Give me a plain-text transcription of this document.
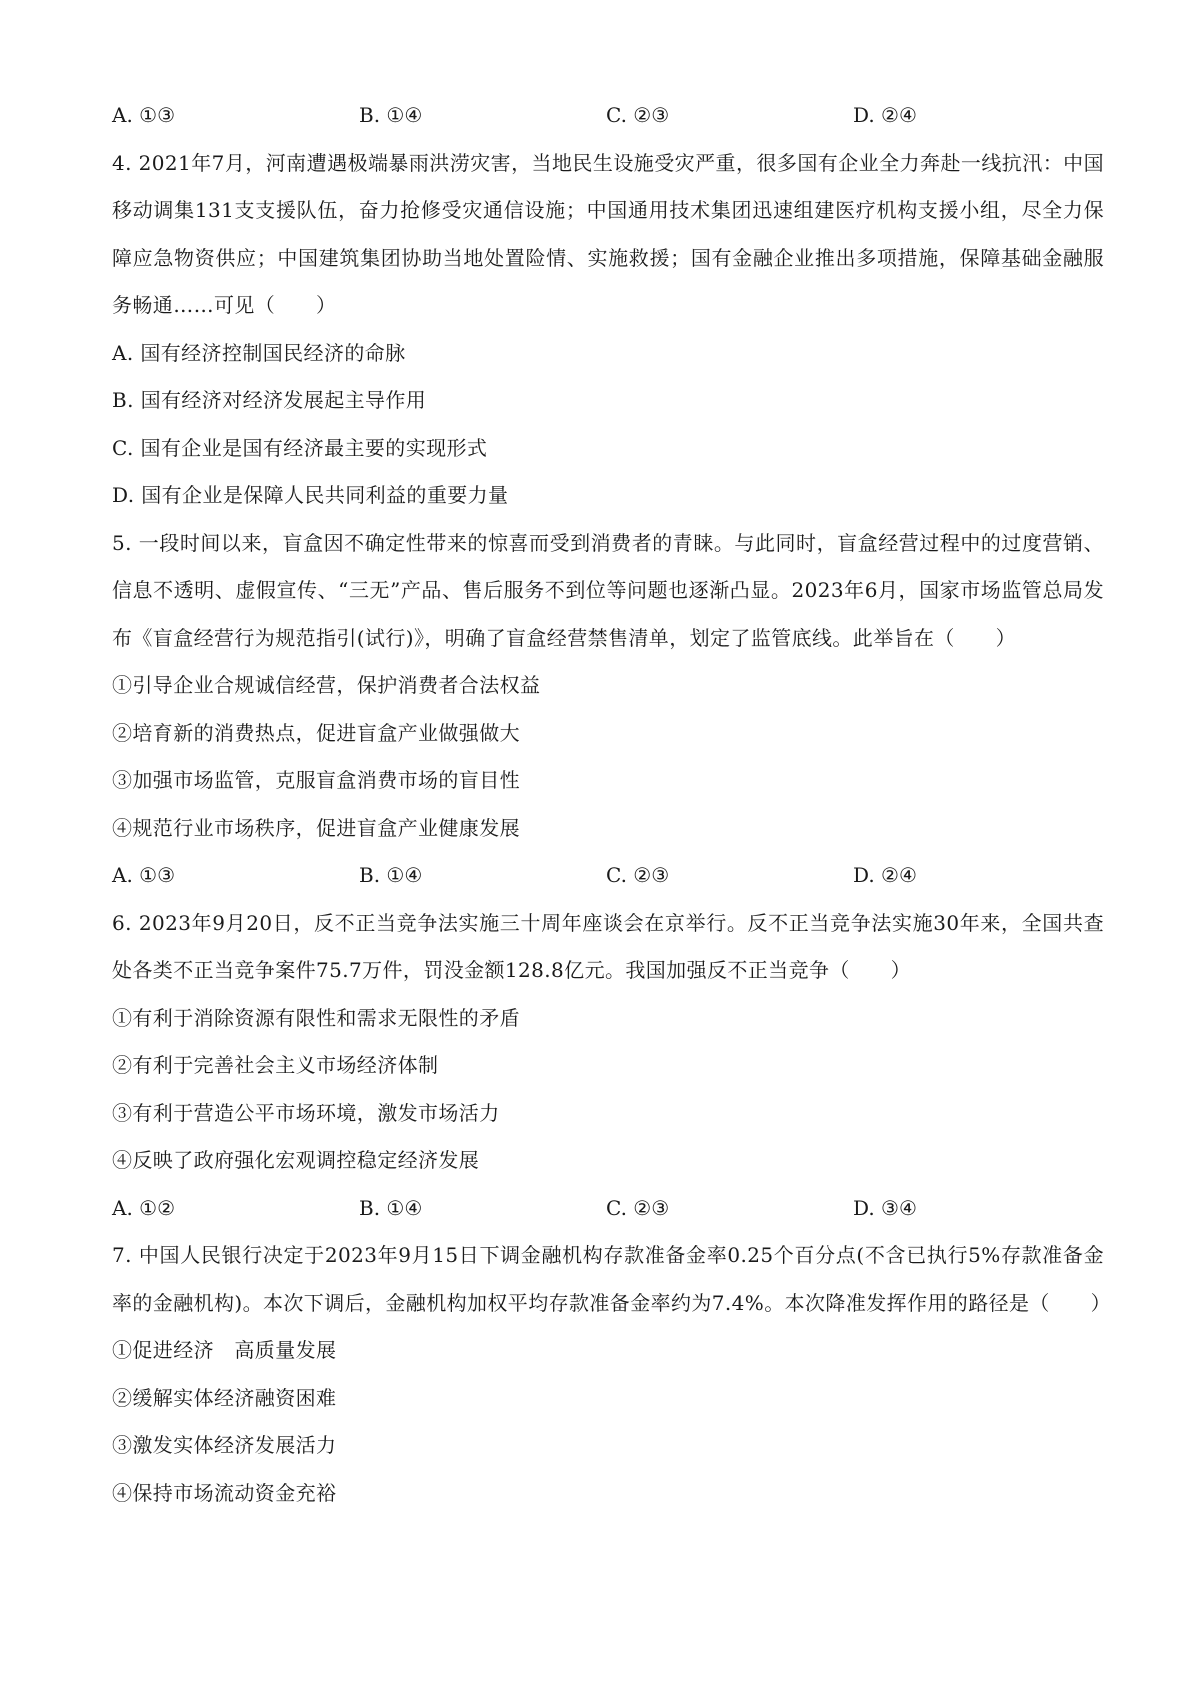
A. ①③	B. ①④	C. ②③	D. ②④
4. 2021年7月，河南遭遇极端暴雨洪涝灾害，当地民生设施受灾严重，很多国有企业全力奔赴一线抗汛：中国移动调集131支支援队伍，奋力抢修受灾通信设施；中国通用技术集团迅速组建医疗机构支援小组，尽全力保障应急物资供应；中国建筑集团协助当地处置险情、实施救援；国有金融企业推出多项措施，保障基础金融服务畅通……可见（　　）
A. 国有经济控制国民经济的命脉
B. 国有经济对经济发展起主导作用
C. 国有企业是国有经济最主要的实现形式
D. 国有企业是保障人民共同利益的重要力量
5. 一段时间以来，盲盒因不确定性带来的惊喜而受到消费者的青睐。与此同时，盲盒经营过程中的过度营销、信息不透明、虚假宣传、“三无”产品、售后服务不到位等问题也逐渐凸显。2023年6月，国家市场监管总局发布《盲盒经营行为规范指引(试行)》，明确了盲盒经营禁售清单，划定了监管底线。此举旨在（　　）
①引导企业合规诚信经营，保护消费者合法权益
②培育新的消费热点，促进盲盒产业做强做大
③加强市场监管，克服盲盒消费市场的盲目性
④规范行业市场秩序，促进盲盒产业健康发展
A. ①③	B. ①④	C. ②③	D. ②④
6. 2023年9月20日，反不正当竞争法实施三十周年座谈会在京举行。反不正当竞争法实施30年来，全国共查处各类不正当竞争案件75.7万件，罚没金额128.8亿元。我国加强反不正当竞争（　　）
①有利于消除资源有限性和需求无限性的矛盾
②有利于完善社会主义市场经济体制
③有利于营造公平市场环境，激发市场活力
④反映了政府强化宏观调控稳定经济发展
A. ①②	B. ①④	C. ②③	D. ③④
7. 中国人民银行决定于2023年9月15日下调金融机构存款准备金率0.25个百分点(不含已执行5%存款准备金率的金融机构)。本次下调后，金融机构加权平均存款准备金率约为7.4%。本次降准发挥作用的路径是（　　）
①促进经济　高质量发展
②缓解实体经济融资困难
③激发实体经济发展活力
④保持市场流动资金充裕
